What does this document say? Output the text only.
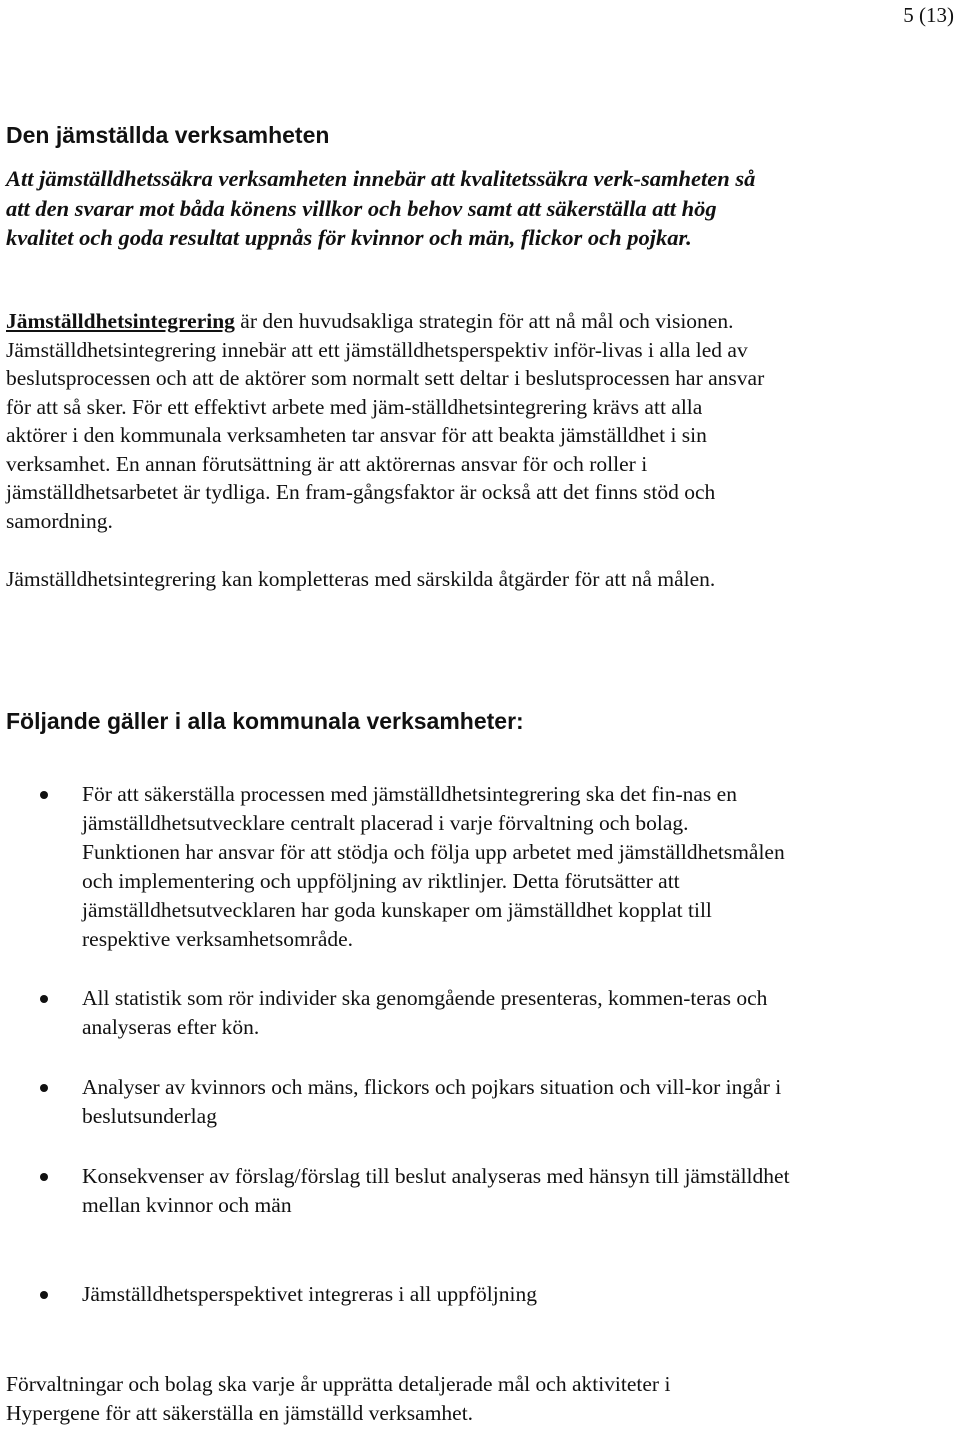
5 (13)
Den jämställda verksamheten

Att jämställdhetssäkra verksamheten innebär att kvalitetssäkra verk-samheten så att den svarar mot båda könens villkor och behov samt att säkerställa att hög kvalitet och goda resultat uppnås för kvinnor och män, flickor och pojkar.

Jämställdhetsintegrering är den huvudsakliga strategin för att nå mål och visionen. Jämställdhetsintegrering innebär att ett jämställdhetsperspektiv inför-livas i alla led av beslutsprocessen och att de aktörer som normalt sett deltar i beslutsprocessen har ansvar för att så sker. För ett effektivt arbete med jäm-ställdhetsintegrering krävs att alla aktörer i den kommunala verksamheten tar ansvar för att beakta jämställdhet i sin verksamhet. En annan förutsättning är att aktörernas ansvar för och roller i jämställdhetsarbetet är tydliga. En fram-gångsfaktor är också att det finns stöd och samordning.

Jämställdhetsintegrering kan kompletteras med särskilda åtgärder för att nå målen.

Följande gäller i alla kommunala verksamheter:
För att säkerställa processen med jämställdhetsintegrering ska det fin-nas en jämställdhetsutvecklare centralt placerad i varje förvaltning och bolag. Funktionen har ansvar för att stödja och följa upp arbetet med jämställdhetsmålen och implementering och uppföljning av riktlinjer. Detta förutsätter att jämställdhetsutvecklaren har goda kunskaper om jämställdhet kopplat till respektive verksamhetsområde.
All statistik som rör individer ska genomgående presenteras, kommen-teras och analyseras efter kön.
Analyser av kvinnors och mäns, flickors och pojkars situation och vill-kor ingår i beslutsunderlag
Konsekvenser av förslag/förslag till beslut analyseras med hänsyn till jämställdhet mellan kvinnor och män
Jämställdhetsperspektivet integreras i all uppföljning

Förvaltningar och bolag ska varje år upprätta detaljerade mål och aktiviteter i Hypergene för att säkerställa en jämställd verksamhet.
